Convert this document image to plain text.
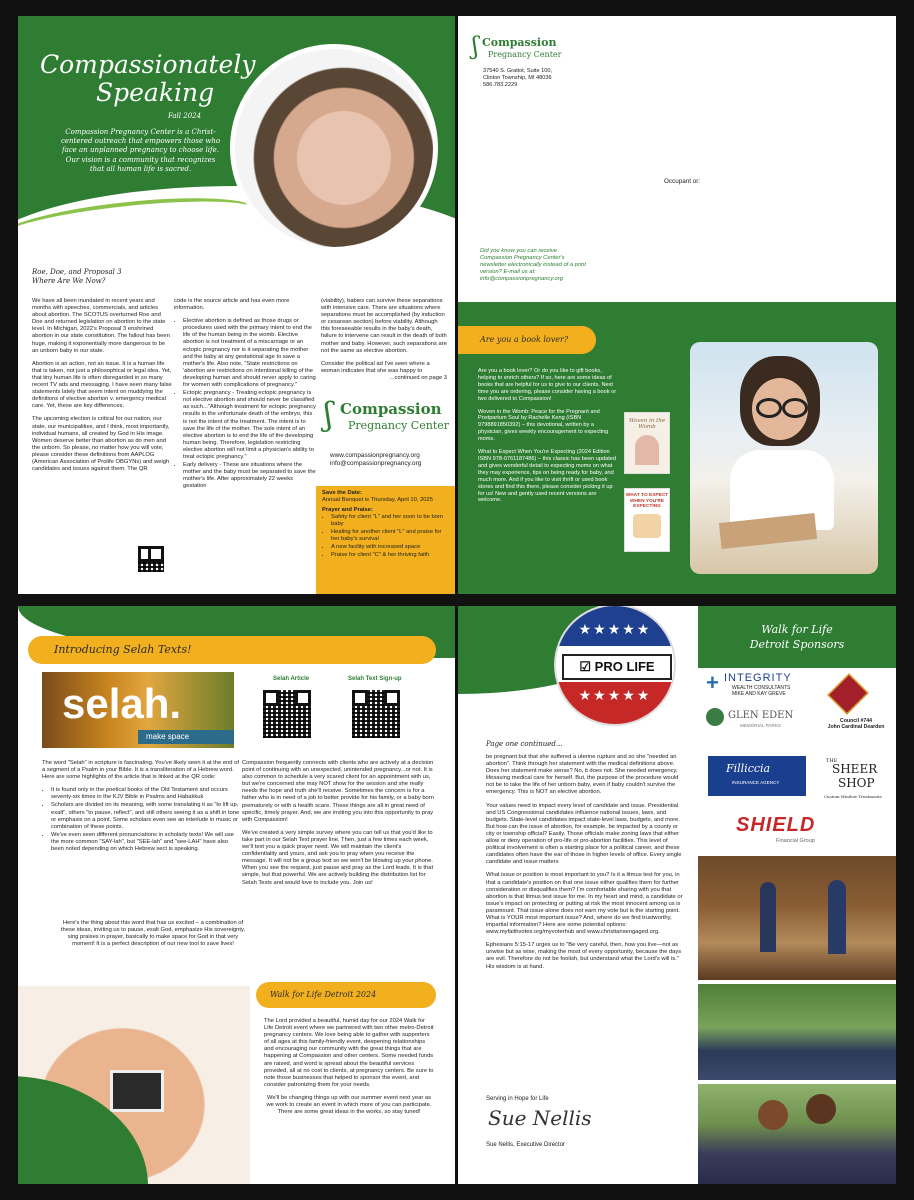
Compassionately
Speaking
Fall 2024
Compassion Pregnancy Center is a Christ-centered outreach that empowers those who face an unplanned pregnancy to choose life. Our vision is a community that recognizes that all human life is sacred.
Roe, Doe, and Proposal 3
Where Are We Now?

We have all been inundated in recent years and months with speeches, commercials, and articles about abortion. The SCOTUS overturned Roe and Doe and returned legislation on abortion to the state level. In Michigan, 2022's Proposal 3 enshrined abortion in our state constitution. The fallout has been huge, making it exponentially more dangerous to be an unborn baby in our state.

Abortion is an action, not an issue. It is a human life that is taken, not just a philosophical or legal idea. Yet, that tiny human life is often disregarded in so many recent TV ads and messaging. I have seen many false statements lately that seem intent on muddying the definitions of elective abortion v. emergency medical care. Yet, these are key differences.

The upcoming election is critical for our nation, our state, our municipalities, and I think, most importantly, individual humans, all created by God in His image. Women deserve better than abortion as do men and the unborn. So please, no matter how you will vote, please consider these definitions from AAPLOG (American Association of Prolife OBGYNs) and weigh candidates and issues against them. The QR

code is the source article and has even more information.

• Elective abortion is defined as those drugs or procedures used with the primary intent to end the life of the human being in the womb. Elective abortion is not treatment of a miscarriage or an ectopic pregnancy nor is it separating the mother and the baby at any gestational age to save a mother's life. Also note, "State restrictions on 'abortion are restrictions on intentional killing of the developing human and should never apply to caring for women with complications of pregnancy."
• Ectopic pregnancy - Treating ectopic pregnancy is not elective abortion and should never be classified as such..."Although treatment for ectopic pregnancy results in the unfortunate death of the embryo, this is not the intent of the treatment. The intent is to save the life of the mother. The sole intent of an elective abortion is to end the life of the developing human being. Therefore, legislation restricting elective abortion will not limit a physician's ability to treat ectopic pregnancy."
• Early delivery - These are situations where the mother and the baby must be separated to save the mother's life. After approximately 22 weeks gestation

(viability), babies can survive these separations with intensive care. There are situations where separations must be accomplished (by induction or cesarean section) before viability. Although this foreseeable results in the baby's death, failure to intervene can result in the death of both mother and baby. However, such separations are not the same as elective abortion.

Consider the political ad I've seen where a woman indicates that she was happy to

...continued on page 3
ʃ Compassion
Pregnancy Center
www.compassionpregnancy.org
info@compassionpregnancy.org
Save the Date:
Annual Banquet is Thursday, April 10, 2025
Prayer and Praise:
• Safety for client "L" and her soon to be born baby
• Healing for another client "L" and praise for her baby's survival
• A new facility with increased space
• Praise for client "C" & her thriving faith
ʃ Compassion
Pregnancy Center
37540 S. Gratiot, Suite 100,
Clinton Township, MI 48036
586.783.2229
Occupant or:
Did you know you can receive Compassion Pregnancy Center's newsletter electronically instead of a print version? E-mail us at: info@compassionpregnancy.org
Are you a book lover?

Are you a book lover? Or do you like to gift books, helping to enrich others? If so, here are some ideas of books that are helpful for us to give to our clients. Next time you are ordering, please consider having a book or two delivered to Compassion!

Woven in the Womb: Peace for the Pregnant and Postpartum Soul by Rachelle Keng (ISBN 9798891850392) – this devotional, written by a physician, gives weekly encouragement to expecting moms.

What to Expect When You're Expecting (2024 Edition ISBN 978-0761187486) – this classic has been updated and gives wonderful detail to expecting moms on what they may experience, tips on being ready for baby, and much more. And if you like to visit thrift or used book stores and find this there, please consider picking it up for us! New and gently used recent versions are welcome.

Woven in the Womb
WHAT TO EXPECT WHEN YOU'RE EXPECTING
Introducing Selah Texts!
selah.
make space
Selah Article	Selah Text Sign-up

The word "Selah" in scripture is fascinating. You've likely seen it at the end of a segment of a Psalm in your Bible. It is a transliteration of a Hebrew word. Here are some highlights of the article that is linked at the QR code:

• It is found only in the poetical books of the Old Testament and occurs seventy-six times in the KJV Bible in Psalms and Habakkuk
• Scholars are divided on its meaning, with some translating it as "to lift up, exalt", others "to pause, reflect", and still others seeing it as a shift in tone or emphasis on a point. Some scholars even see an interlude in music or combination of these points.
• We've even seen different pronunciations in scholarly texts! We will use the more common "SAY-lah", but "SEE-lah" and "see-LAH" have also been noted depending on which Hebrew sect is speaking.
Here's the thing about this word that has us excited – a combination of these ideas, inviting us to pause, exalt God, emphasize His sovereignty, sing praises in prayer, basically to make space for God in that very moment! It is a perfect description of our new tool to save lives!

Compassion frequently connects with clients who are actively at a decision point of continuing with an unexpected, unintended pregnancy...or not. It is also common to schedule a very scared client for an appointment with us, but we're concerned she may NOT show for the session and she really needs the hope and truth she'll receive. Sometimes the concern is for a father who is in need of a job to better provide for his family, or a baby born prematurely or with a health scare. These things are all in great need of specific, timely prayer. And, we are inviting you into this opportunity to pray with Compassion!

We've created a very simple survey where you can tell us that you'd like to take part in our Selah Text prayer line. Then, just a few times each week, we'll text you a quick prayer need. We will maintain the client's confidentiality and yours, and ask you to pray when you receive the message. It will not be a group text so we won't be blowing up your phone. When you see the request, just pause and pray as the Lord leads. It is that simple, but that powerful. We are actively building the distribution list for Selah Texts and would love to include you. Join us!

Walk for Life Detroit 2024

The Lord provided a beautiful, humid day for our 2024 Walk for Life Detroit event where we partnered with two other metro-Detroit pregnancy centers. We love being able to gather with supporters of all ages at this family-friendly event, deepening relationships and encouraging our community with the great things that are happening at Compassion and other centers. Some needed funds are raised, and word is spread about the beautiful services provided, all at no cost to clients, at pregnancy centers. Be sure to note those businesses that helped to sponsor the event, and consider patronizing them for your needs.

We'll be changing things up with our summer event next year as we work to create an event in which more of you can participate. There are some great ideas in the works, so stay tuned!

★★★★★
☑ PRO LIFE
★★★★★
Page one continued...

be pregnant but that she suffered a uterine rupture and so she "needed an abortion". Think through her statement with the medical definitions above. Does her statement make sense? No, it does not. She needed emergency, lifesaving medical care for herself. But, the purpose of the procedure would not be to take the life of her unborn baby, even if baby couldn't survive the emergency. This is NOT an elective abortion.

Your values need to impact every level of candidate and issue. Presidential and US Congressional candidates influence national issues, laws, and budgets. State-level candidates impact state-level laws, budgets, and more. But how can the issue of abortion, for example, be impacted by a county or city or township official? Easily. Those officials make zoning laws that either allow or deny operation of pro-life or pro-abortion facilities. This level of political involvement is often a starting place for a political career, and these candidates often have the ear of those in higher levels of office. Every single candidate and issue matters

What issue or position is most important to you? Is it a litmus test for you, in that a candidate's position on that one issue either qualifies them for further consideration or disqualifies them? I'm comfortable sharing with you that abortion is that litmus test issue for me. In my heart and mind, a candidate or issue's impact on protecting or putting at risk the most innocent among us is paramount. That issue alone does not earn my vote but is the starting point. What is YOUR most important issue? And, where do we find trustworthy, impartial information? Here are some potential options: www.myfaithvotes.org/myvoterhub and www.christiansengaged.org.

Ephesians 5:15-17 urges us to "Be very careful, then, how you live—not as unwise but as wise, making the most of every opportunity, because the days are evil. Therefore do not be foolish, but understand what the Lord's will is." His wisdom is at hand.

Serving in Hope for Life
Sue Nellis
Sue Nellis, Executive Director
Walk for Life
Detroit Sponsors
+ INTEGRITY
WEALTH CONSULTANTS
MIKE AND KAY GREVE
Council #744
John Cardinal Dearden
GLEN EDEN
MEMORIAL PARKS
Filliccia
INSURANCE AGENCY
THE
SHEER
SHOP
Custom Window Treatments
SHIELD
Financial Group
